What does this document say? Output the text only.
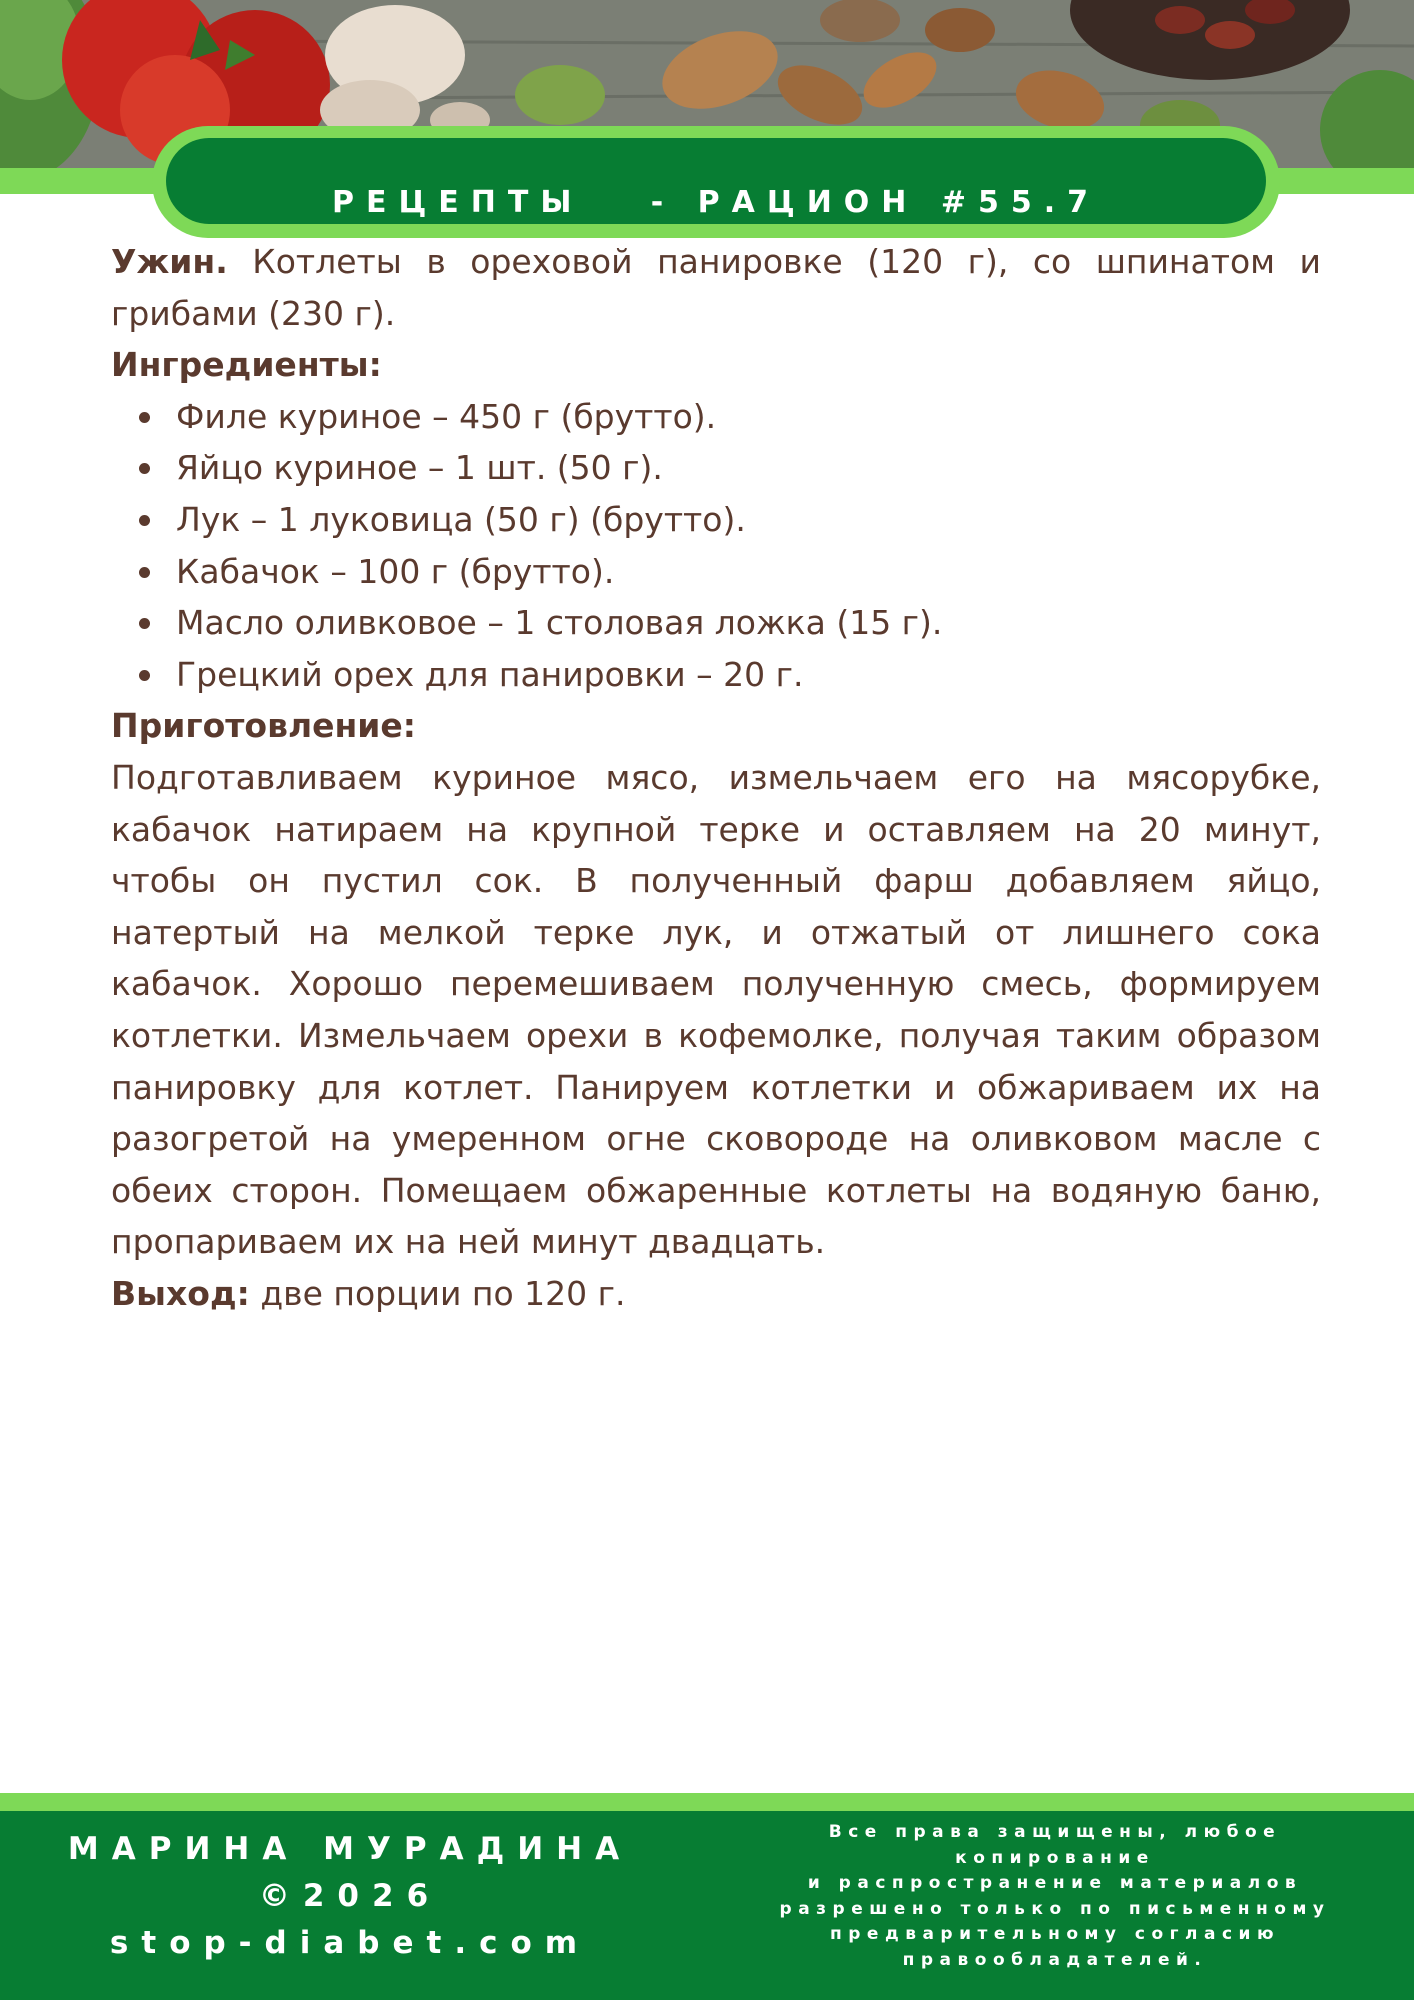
РЕЦЕПТЫ   - РАЦИОН #55.7

Ужин. Котлеты в ореховой панировке (120 г), со шпинатом и грибами (230 г).

Ингредиенты:

Филе куриное – 450 г (брутто).
Яйцо куриное – 1 шт. (50 г).
Лук – 1 луковица (50 г) (брутто).
Кабачок – 100 г (брутто).
Масло оливковое – 1 столовая ложка (15 г).
Грецкий орех для панировки – 20 г.

Приготовление:

Подготавливаем куриное мясо, измельчаем его на мясорубке, кабачок натираем на крупной терке и оставляем на 20 минут, чтобы он пустил сок. В полученный фарш добавляем яйцо, натертый на мелкой терке лук, и отжатый от лишнего сока кабачок. Хорошо перемешиваем полученную смесь, формируем котлетки. Измельчаем орехи в кофемолке, получая таким образом панировку для котлет. Панируем котлетки и обжариваем их на разогретой на умеренном огне сковороде на оливковом масле с обеих сторон. Помещаем обжаренные котлеты на водяную баню, пропариваем их на ней минут двадцать.

Выход: две порции по 120 г.

МАРИНА МУРАДИНА
©2026
stop-diabet.com
Все права защищены, любое
копирование
и распространение материалов
разрешено только по письменному
предварительному согласию
правообладателей.
